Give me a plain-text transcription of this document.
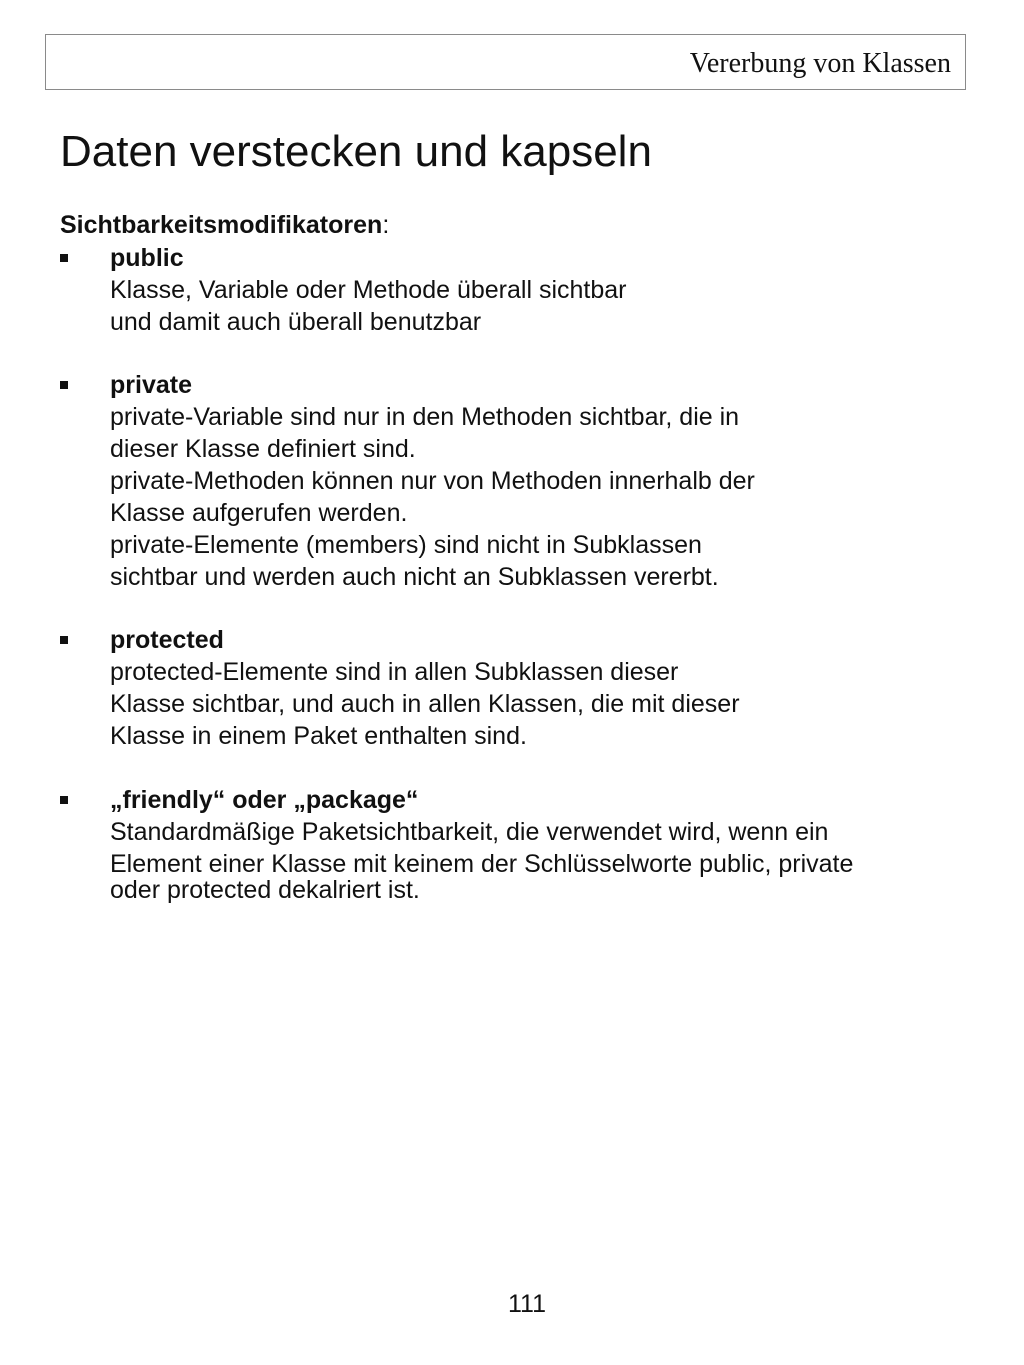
Vererbung von Klassen
Daten verstecken und kapseln
Sichtbarkeitsmodifikatoren:
public
Klasse, Variable oder Methode überall sichtbar
und damit auch überall benutzbar
private
private-Variable sind nur in den Methoden sichtbar, die in
dieser Klasse definiert sind.
private-Methoden können nur von Methoden innerhalb der
Klasse aufgerufen werden.
private-Elemente (members) sind nicht in Subklassen
sichtbar und werden auch nicht an Subklassen vererbt.
protected
protected-Elemente sind in allen Subklassen dieser
Klasse sichtbar, und auch in allen Klassen, die mit dieser
Klasse in einem Paket enthalten sind.
„friendly“ oder „package“
Standardmäßige Paketsichtbarkeit, die verwendet wird, wenn ein
Element einer Klasse mit keinem der Schlüsselworte public, private
oder protected dekalriert ist.
111
